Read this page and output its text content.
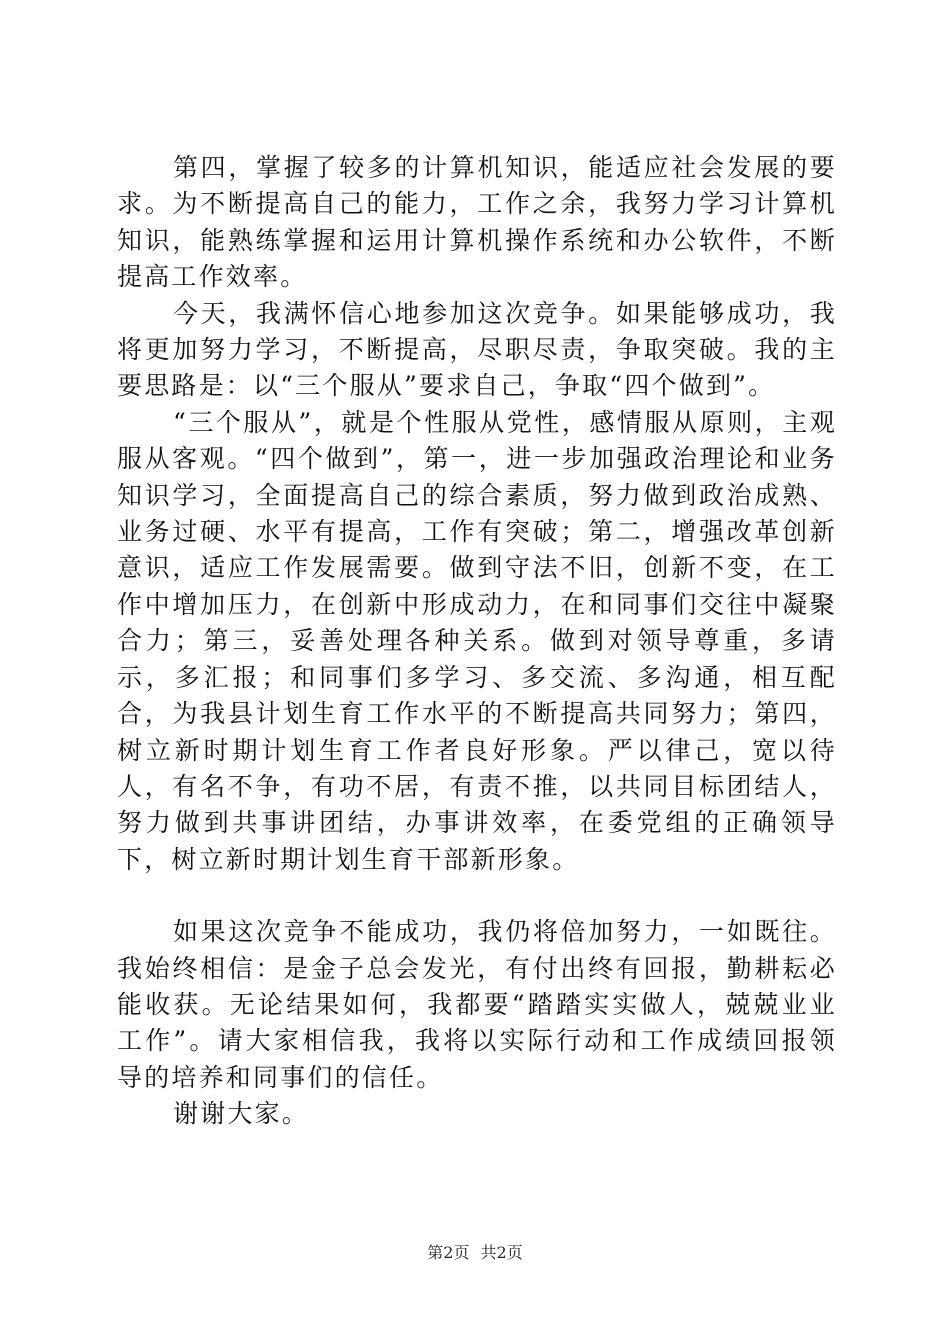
第四，掌握了较多的计算机知识，能适应社会发展的要求。为不断提高自己的能力，工作之余，我努力学习计算机知识，能熟练掌握和运用计算机操作系统和办公软件，不断提高工作效率。

今天，我满怀信心地参加这次竞争。如果能够成功，我将更加努力学习，不断提高，尽职尽责，争取突破。我的主要思路是：以“三个服从”要求自己，争取“四个做到”。

“三个服从”，就是个性服从党性，感情服从原则，主观服从客观。“四个做到”，第一，进一步加强政治理论和业务知识学习，全面提高自己的综合素质，努力做到政治成熟、业务过硬、水平有提高，工作有突破；第二，增强改革创新意识，适应工作发展需要。做到守法不旧，创新不变，在工作中增加压力，在创新中形成动力，在和同事们交往中凝聚合力；第三，妥善处理各种关系。做到对领导尊重，多请示，多汇报；和同事们多学习、多交流、多沟通，相互配合，为我县计划生育工作水平的不断提高共同努力；第四，树立新时期计划生育工作者良好形象。严以律己，宽以待人，有名不争，有功不居，有责不推，以共同目标团结人，努力做到共事讲团结，办事讲效率，在委党组的正确领导下，树立新时期计划生育干部新形象。

如果这次竞争不能成功，我仍将倍加努力，一如既往。我始终相信：是金子总会发光，有付出终有回报，勤耕耘必能收获。无论结果如何，我都要“踏踏实实做人，兢兢业业工作”。请大家相信我，我将以实际行动和工作成绩回报领导的培养和同事们的信任。

谢谢大家。

第2页 共2页
